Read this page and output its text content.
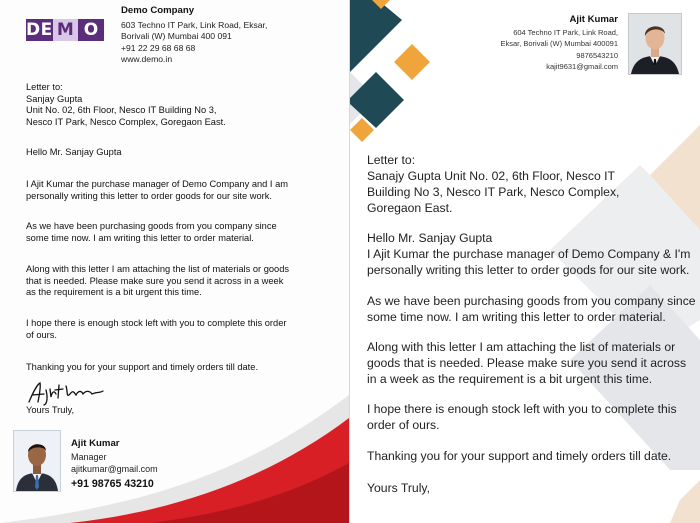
DE M O
Demo Company
603 Techno IT Park, Link Road, Eksar,
Borivali (W) Mumbai 400 091
+91 22 29 68 68 68
www.demo.in
Letter to:
Sanjay Gupta
Unit No. 02, 6th Floor, Nesco IT Building No 3,
Nesco IT Park, Nesco Complex, Goregaon East.
Hello Mr. Sanjay Gupta
I Ajit Kumar the purchase manager of Demo Company and I am
personally writing this letter to order goods for our site work.
As we have been purchasing goods from you company since
some time now. I am writing this letter to order material.
Along with this letter I am attaching the list of materials or goods
that is needed. Please make sure you send it across in a week
as the requirement is a bit urgent this time.
I hope there is enough stock left with you to complete this order
of ours.
Thanking you for your support and timely orders till date.
Yours Truly,
Ajit Kumar
Manager
ajitkumar@gmail.com
+91 98765 43210
Ajit Kumar
604 Techno IT Park, Link Road,
Eksar, Borivali (W) Mumbai 400091
9876543210
kajit9631@gmail.com
Letter to:
Sanajy Gupta Unit No. 02, 6th Floor, Nesco IT
Building No 3, Nesco IT Park, Nesco Complex,
Goregaon East.
Hello Mr. Sanjay Gupta
I Ajit Kumar the purchase manager of Demo Company & I'm
personally writing this letter to order goods for our site work.
As we have been purchasing goods from you company since
some time now. I am writing this letter to order material.
Along with this letter I am attaching the list of materials or
goods that is needed. Please make sure you send it across
in a week as the requirement is a bit urgent this time.
I hope there is enough stock left with you to complete this
order of ours.
Thanking you for your support and timely orders till date.
Yours Truly,
